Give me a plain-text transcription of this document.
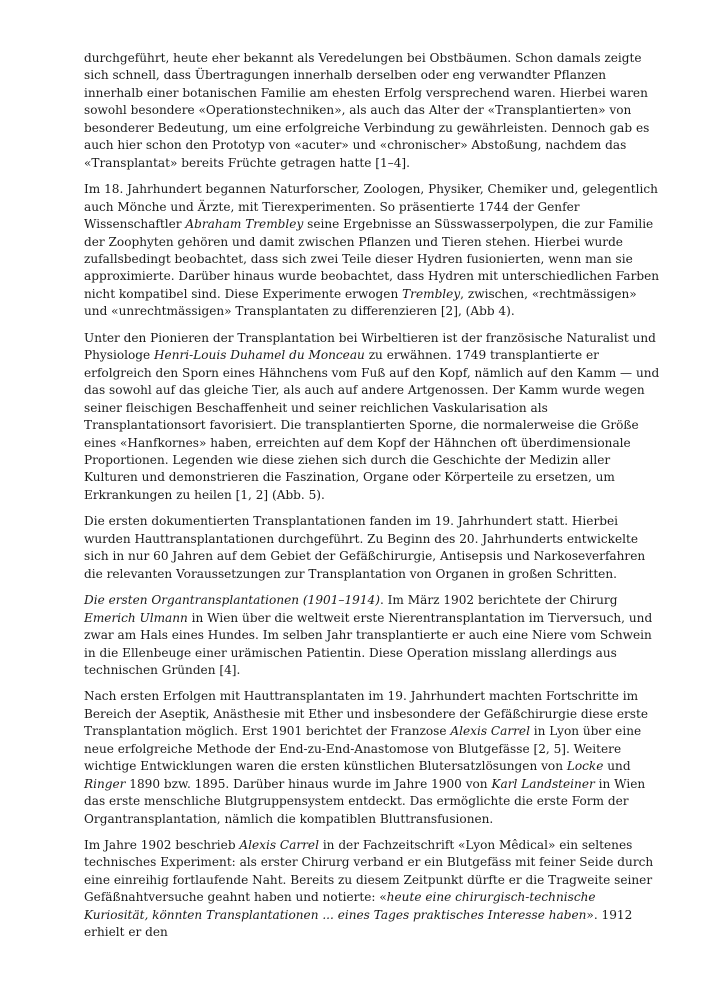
durchgeführt, heute eher bekannt als Veredelungen bei Obstbäumen. Schon damals zeigte sich schnell, dass Übertragungen innerhalb derselben oder eng verwandter Pflanzen innerhalb einer botanischen Familie am ehesten Erfolg versprechend waren. Hierbei waren sowohl besondere «Operationstechniken», als auch das Alter der «Transplantierten» von besonderer Bedeutung, um eine erfolgreiche Verbindung zu gewährleisten. Dennoch gab es auch hier schon den Prototyp von «acuter» und «chronischer» Abstoßung, nachdem das «Transplantat» bereits Früchte getragen hatte [1–4].

Im 18. Jahrhundert begannen Naturforscher, Zoologen, Physiker, Chemiker und, gelegentlich auch Mönche und Ärzte, mit Tierexperimenten. So präsentierte 1744 der Genfer Wissenschaftler Abraham Trembley seine Ergebnisse an Süsswasserpolypen, die zur Familie der Zoophyten gehören und damit zwischen Pflanzen und Tieren stehen. Hierbei wurde zufallsbedingt beobachtet, dass sich zwei Teile dieser Hydren fusionierten, wenn man sie approximierte. Darüber hinaus wurde beobachtet, dass Hydren mit unterschiedlichen Farben nicht kompatibel sind. Diese Experimente erwogen Trembley, zwischen, «rechtmässigen» und «unrechtmässigen» Transplantaten zu differenzieren [2], (Abb 4).

Unter den Pionieren der Transplantation bei Wirbeltieren ist der französische Naturalist und Physiologe Henri-Louis Duhamel du Monceau zu erwähnen. 1749 transplantierte er erfolgreich den Sporn eines Hähnchens vom Fuß auf den Kopf, nämlich auf den Kamm — und das sowohl auf das gleiche Tier, als auch auf andere Artgenossen. Der Kamm wurde wegen seiner fleischigen Beschaffenheit und seiner reichlichen Vaskularisation als Transplantationsort favorisiert. Die transplantierten Sporne, die normalerweise die Größe eines «Hanfkornes» haben, erreichten auf dem Kopf der Hähnchen oft überdimensionale Proportionen. Legenden wie diese ziehen sich durch die Geschichte der Medizin aller Kulturen und demonstrieren die Faszination, Organe oder Körperteile zu ersetzen, um Erkrankungen zu heilen [1, 2] (Abb. 5).

Die ersten dokumentierten Transplantationen fanden im 19. Jahrhundert statt. Hierbei wurden Hauttransplantationen durchgeführt. Zu Beginn des 20. Jahrhunderts entwickelte sich in nur 60 Jahren auf dem Gebiet der Gefäßchirurgie, Antisepsis und Narkoseverfahren die relevanten Voraussetzungen zur Transplantation von Organen in großen Schritten.

Die ersten Organtransplantationen (1901–1914). Im März 1902 berichtete der Chirurg Emerich Ulmann in Wien über die weltweit erste Nierentransplantation im Tierversuch, und zwar am Hals eines Hundes. Im selben Jahr transplantierte er auch eine Niere vom Schwein in die Ellenbeuge einer urämischen Patientin. Diese Operation misslang allerdings aus technischen Gründen [4].

Nach ersten Erfolgen mit Hauttransplantaten im 19. Jahrhundert machten Fortschritte im Bereich der Aseptik, Anästhesie mit Ether und insbesondere der Gefäßchirurgie diese erste Transplantation möglich. Erst 1901 berichtet der Franzose Alexis Carrel in Lyon über eine neue erfolgreiche Methode der End-zu-End-Anastomose von Blutgefässe [2, 5]. Weitere wichtige Entwicklungen waren die ersten künstlichen Blutersatzlösungen von Locke und Ringer 1890 bzw. 1895. Darüber hinaus wurde im Jahre 1900 von Karl Landsteiner in Wien das erste menschliche Blutgruppensystem entdeckt. Das ermöglichte die erste Form der Organtransplantation, nämlich die kompatiblen Bluttransfusionen.

Im Jahre 1902 beschrieb Alexis Carrel in der Fachzeitschrift «Lyon Mêdical» ein seltenes technisches Experiment: als erster Chirurg verband er ein Blutgefäss mit feiner Seide durch eine einreihig fortlaufende Naht. Bereits zu diesem Zeitpunkt dürfte er die Tragweite seiner Gefäßnahtversuche geahnt haben und notierte: «heute eine chirurgisch-technische Kuriosität, könnten Transplantationen ... eines Tages praktisches Interesse haben». 1912 erhielt er den
